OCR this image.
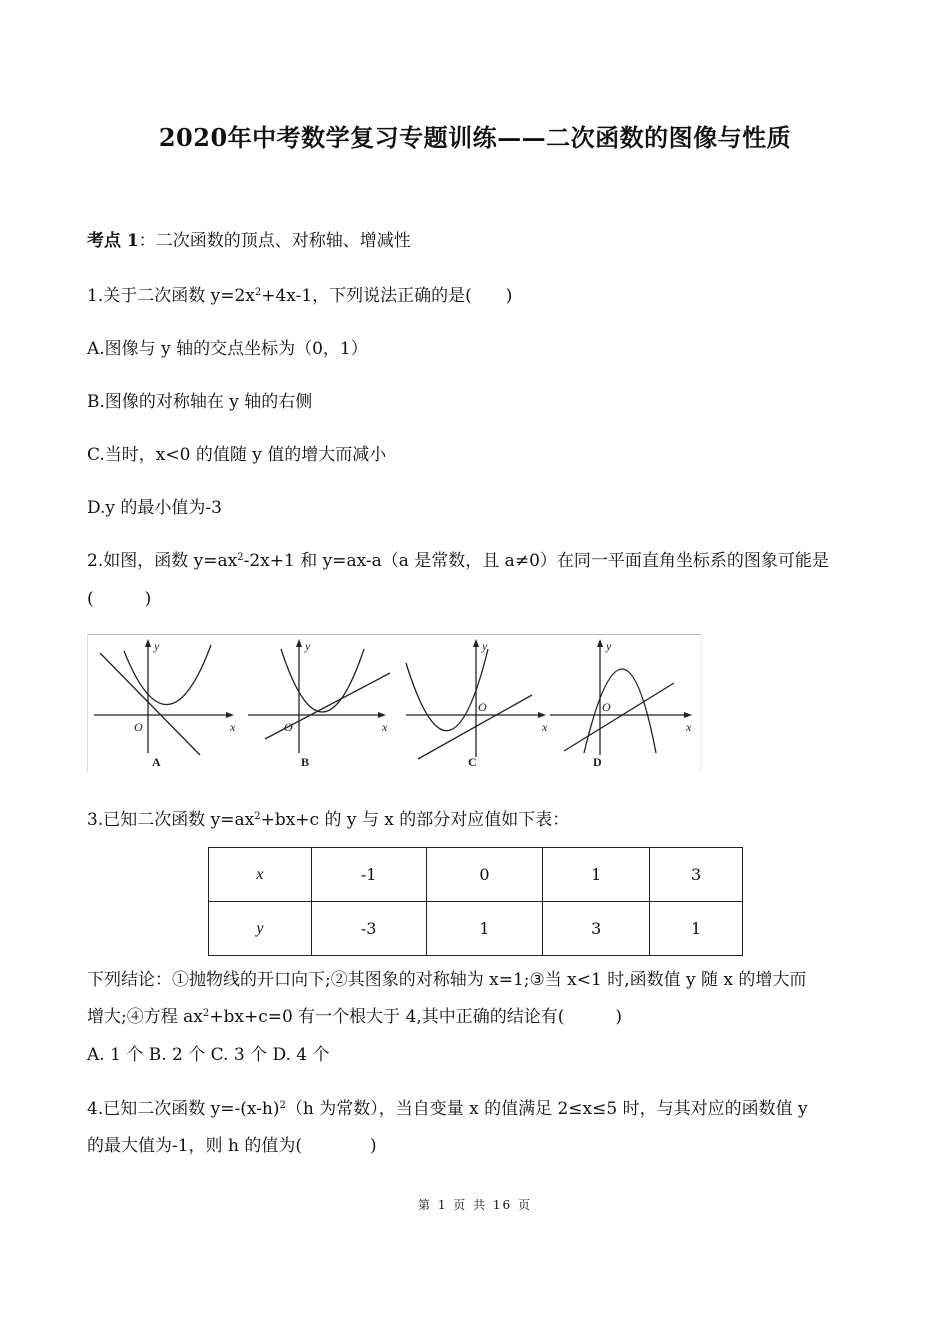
2020年中考数学复习专题训练——二次函数的图像与性质
考点 1：二次函数的顶点、对称轴、增减性
1.关于二次函数 $y=2x^2+4x-1$，下列说法正确的是(　　)
A.图像与 y 轴的交点坐标为（0，1）
B.图像的对称轴在 y 轴的右侧
C.当时，x<0 的值随 y 值的增大而减小
D.y 的最小值为-3
2.如图，函数 $y=ax^2-2x+1$ 和 y=ax-a（a 是常数，且 a≠0）在同一平面直角坐标系的图象可能是
(　　　)
y
x
O
A
y
x
O
B
y
x
O
C
y
x
O
D
3.已知二次函数 $y=ax^2+bx+c$ 的 y 与 x 的部分对应值如下表：
x	-1	0	1	3
y	-3	1	3	1
下列结论：①抛物线的开口向下;②其图象的对称轴为 x=1;③当 x<1 时,函数值 y 随 x 的增大而
增大;④方程 $ax^2+bx+c=0$ 有一个根大于 4,其中正确的结论有(　　　)
A. 1 个 B. 2 个 C. 3 个 D. 4 个
4.已知二次函数 $y=-(x-h)^2(h$ 为常数），当自变量 x 的值满足 2≤x≤5 时，与其对应的函数值 y
的最大值为-1，则 h 的值为(　　　　)
第 1 页 共 16 页
